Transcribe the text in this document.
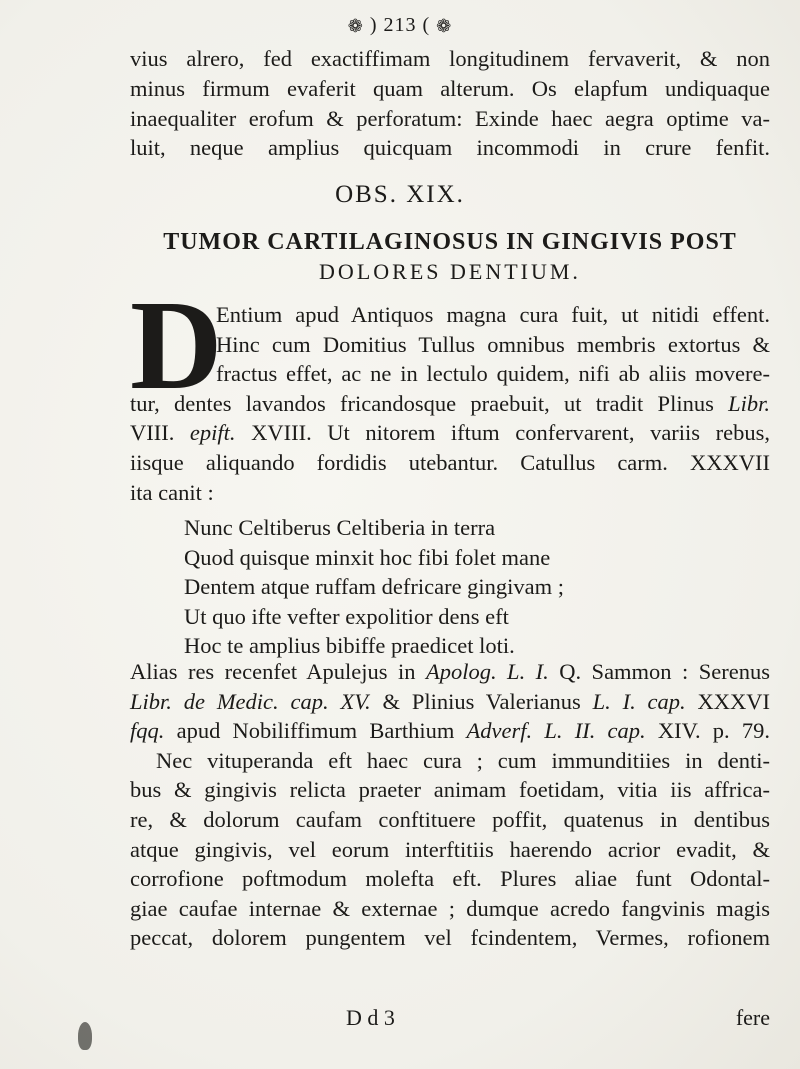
❁ ) 213 ( ❁
vius alrero, fed exactiffimam longitudinem fervaverit, & non
minus firmum evaferit quam alterum. Os elapfum undiquaque
inaequaliter erofum & perforatum: Exinde haec aegra optime va-
luit, neque amplius quicquam incommodi in crure fenfit.
OBS. XIX.
TUMOR CARTILAGINOSUS IN GINGIVIS POST
DOLORES DENTIUM.
D
Entium apud Antiquos magna cura fuit, ut nitidi effent.
Hinc cum Domitius Tullus omnibus membris extortus &
fractus effet, ac ne in lectulo quidem, nifi ab aliis movere-
tur, dentes lavandos fricandosque praebuit, ut tradit Plinus Libr.
VIII. epift. XVIII. Ut nitorem iftum confervarent, variis rebus,
iisque aliquando fordidis utebantur. Catullus carm. XXXVII
ita canit :
Nunc Celtiberus Celtiberia in terra
Quod quisque minxit hoc fibi folet mane
Dentem atque ruffam defricare gingivam ;
Ut quo ifte vefter expolitior dens eft
Hoc te amplius bibiffe praedicet loti.
Alias res recenfet Apulejus in Apolog. L. I. Q. Sammon : Serenus
Libr. de Medic. cap. XV. & Plinius Valerianus L. I. cap. XXXVI
fqq. apud Nobiliffimum Barthium Adverf. L. II. cap. XIV. p. 79.
Nec vituperanda eft haec cura ; cum immunditiies in denti-
bus & gingivis relicta praeter animam foetidam, vitia iis affrica-
re, & dolorum caufam conftituere poffit, quatenus in dentibus
atque gingivis, vel eorum interftitiis haerendo acrior evadit, &
corrofione poftmodum molefta eft. Plures aliae funt Odontal-
giae caufae internae & externae ; dumque acredo fangvinis magis
peccat, dolorem pungentem vel fcindentem, Vermes, rofionem
D d 3	fere
